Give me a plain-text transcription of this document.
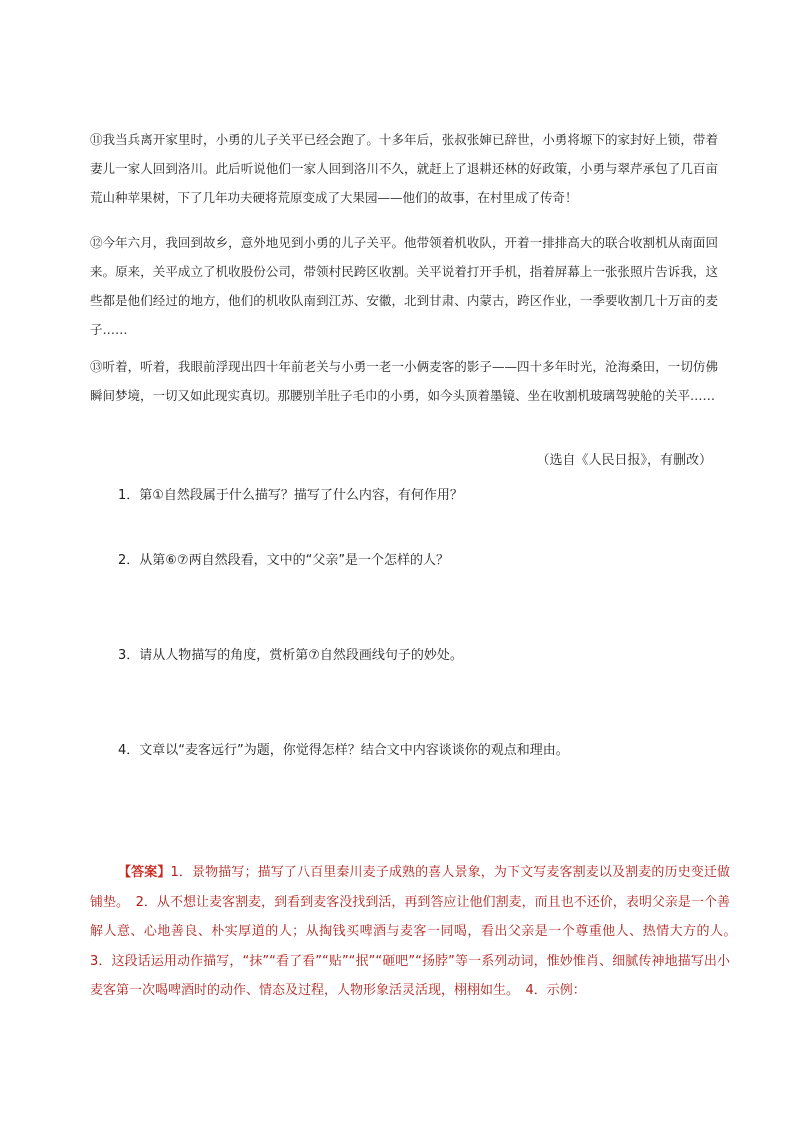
⑪我当兵离开家里时，小勇的儿子关平已经会跑了。十多年后，张叔张婶已辞世，小勇将塬下的家封好上锁，带着妻儿一家人回到洛川。此后听说他们一家人回到洛川不久，就赶上了退耕还林的好政策，小勇与翠芹承包了几百亩荒山种苹果树，下了几年功夫硬将荒原变成了大果园——他们的故事，在村里成了传奇！
⑫今年六月，我回到故乡，意外地见到小勇的儿子关平。他带领着机收队，开着一排排高大的联合收割机从南面回来。原来，关平成立了机收股份公司，带领村民跨区收割。关平说着打开手机，指着屏幕上一张张照片告诉我，这些都是他们经过的地方，他们的机收队南到江苏、安徽，北到甘肃、内蒙古，跨区作业，一季要收割几十万亩的麦子……
⑬听着，听着，我眼前浮现出四十年前老关与小勇一老一小俩麦客的影子——四十多年时光，沧海桑田，一切仿佛瞬间梦境，一切又如此现实真切。那腰别羊肚子毛巾的小勇，如今头顶着墨镜、坐在收割机玻璃驾驶舱的关平……
（选自《人民日报》，有删改）
1．第①自然段属于什么描写？描写了什么内容，有何作用？
2．从第⑥⑦两自然段看，文中的“父亲”是一个怎样的人？
3．请从人物描写的角度，赏析第⑦自然段画线句子的妙处。
4．文章以“麦客远行”为题，你觉得怎样？结合文中内容谈谈你的观点和理由。
【答案】1．景物描写；描写了八百里秦川麦子成熟的喜人景象，为下文写麦客割麦以及割麦的历史变迁做铺垫。　2．从不想让麦客割麦，到看到麦客没找到活，再到答应让他们割麦，而且也不还价，表明父亲是一个善解人意、心地善良、朴实厚道的人；从掏钱买啤酒与麦客一同喝，看出父亲是一个尊重他人、热情大方的人。　3．这段话运用动作描写，“抹”“看了看”“贴”“抿”“砸吧”“扬脖”等一系列动词，惟妙惟肖、细腻传神地描写出小麦客第一次喝啤酒时的动作、情态及过程，人物形象活灵活现，栩栩如生。　4．示例：
